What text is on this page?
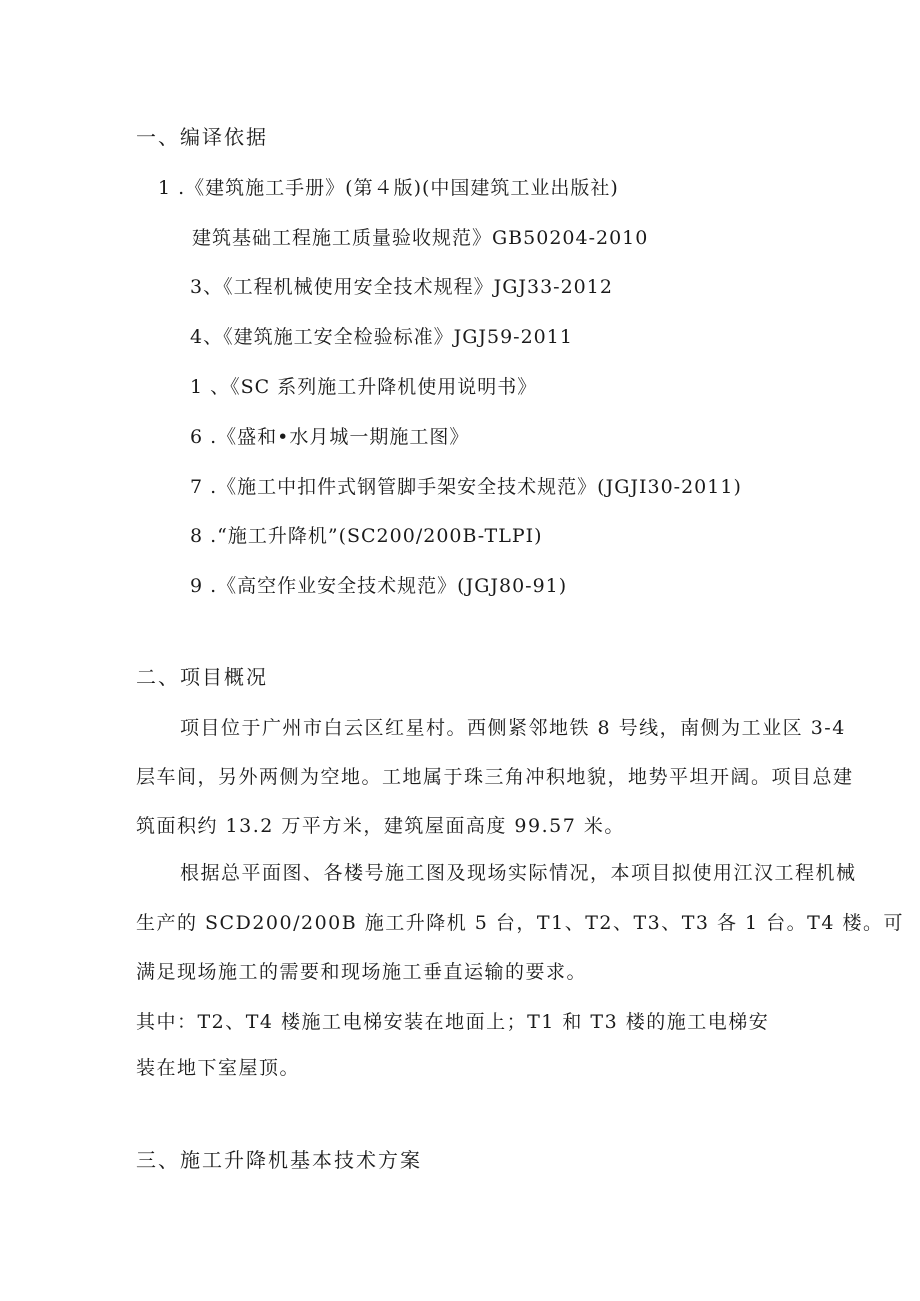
一、编译依据
1 .《建筑施工手册》(第４版)(中国建筑工业出版社)
建筑基础工程施工质量验收规范》GB50204-2010
3、《工程机械使用安全技术规程》JGJ33-2012
4、《建筑施工安全检验标准》JGJ59-2011
1 、《SC 系列施工升降机使用说明书》
6 .《盛和•水月城一期施工图》
7 .《施工中扣件式钢管脚手架安全技术规范》(JGJI30-2011)
8 .“施工升降机”(SC200/200B-TLPI)
9 .《高空作业安全技术规范》(JGJ80-91)
二、项目概况
项目位于广州市白云区红星村。西侧紧邻地铁 8 号线，南侧为工业区 3-4
层车间，另外两侧为空地。工地属于珠三角冲积地貌，地势平坦开阔。项目总建
筑面积约 13.2 万平方米，建筑屋面高度 99.57 米。
根据总平面图、各楼号施工图及现场实际情况，本项目拟使用江汉工程机械
生产的 SCD200/200B 施工升降机 5 台，T1、T2、T3、T3 各 1 台。T4 楼。可
满足现场施工的需要和现场施工垂直运输的要求。
其中：T2、T4 楼施工电梯安装在地面上；T1 和 T3 楼的施工电梯安
装在地下室屋顶。
三、施工升降机基本技术方案
